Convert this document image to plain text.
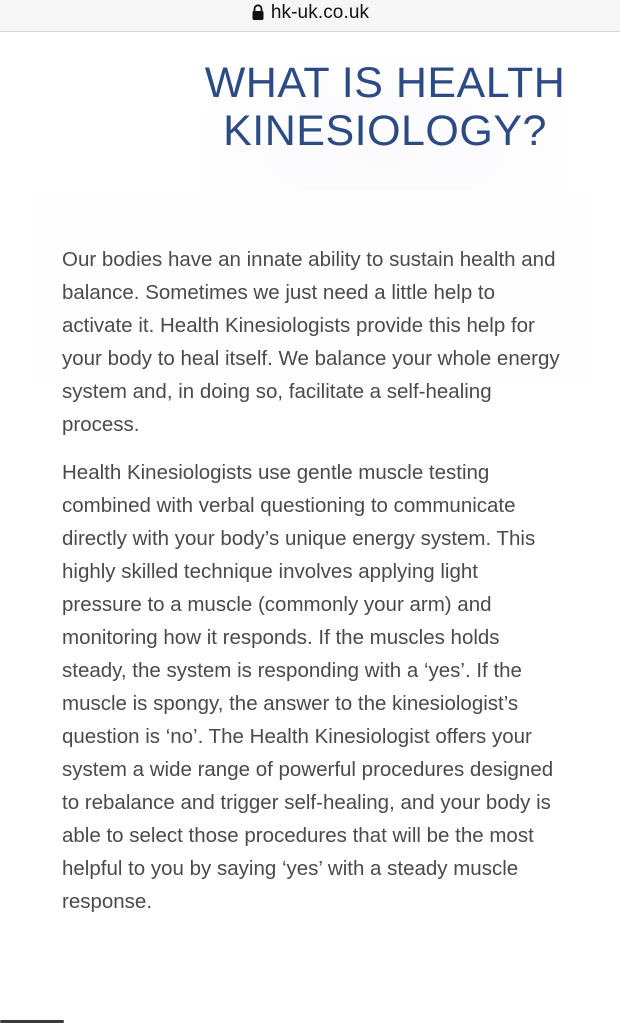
hk-uk.co.uk
WHAT IS HEALTH KINESIOLOGY?

Our bodies have an innate ability to sustain health and balance. Sometimes we just need a little help to activate it. Health Kinesiologists provide this help for your body to heal itself. We balance your whole energy system and, in doing so, facilitate a self-healing process.

Health Kinesiologists use gentle muscle testing combined with verbal questioning to communicate directly with your body’s unique energy system. This highly skilled technique involves applying light pressure to a muscle (commonly your arm) and monitoring how it responds. If the muscles holds steady, the system is responding with a ‘yes’. If the muscle is spongy, the answer to the kinesiologist’s question is ‘no’. The Health Kinesiologist offers your system a wide range of powerful procedures designed to rebalance and trigger self-healing, and your body is able to select those procedures that will be the most helpful to you by saying ‘yes’ with a steady muscle response.
